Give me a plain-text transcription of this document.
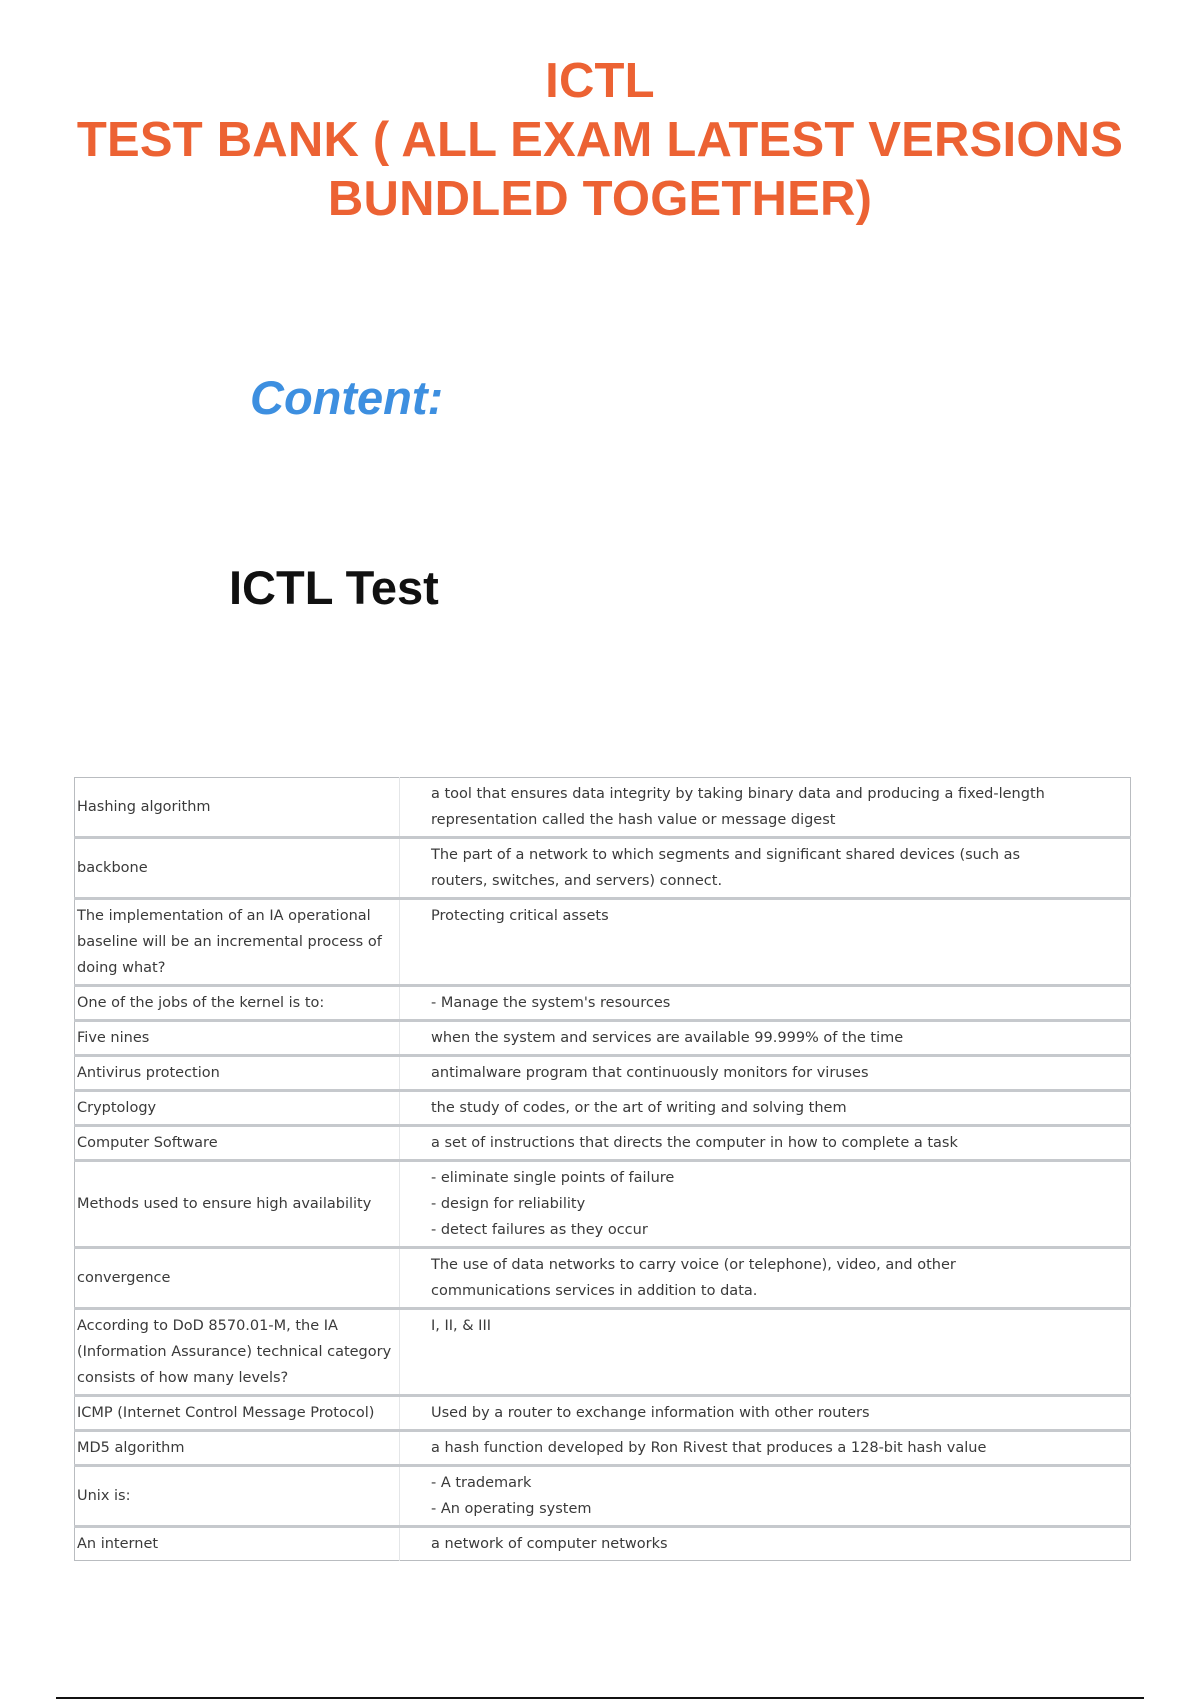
ICTL
TEST BANK ( ALL EXAM LATEST VERSIONS
BUNDLED TOGETHER)
Content:
ICTL Test
Hashing algorithm	a tool that ensures data integrity by taking binary data and producing a fixed-length representation called the hash value or message digest

backbone	The part of a network to which segments and significant shared devices (such as routers, switches, and servers) connect.

The implementation of an IA operational baseline will be an incremental process of doing what?	Protecting critical assets

One of the jobs of the kernel is to:	- Manage the system's resources

Five nines	when the system and services are available 99.999% of the time

Antivirus protection	antimalware program that continuously monitors for viruses

Cryptology	the study of codes, or the art of writing and solving them

Computer Software	a set of instructions that directs the computer in how to complete a task

Methods used to ensure high availability	- eliminate single points of failure
- design for reliability
- detect failures as they occur

convergence	The use of data networks to carry voice (or telephone), video, and other communications services in addition to data.

According to DoD 8570.01-M, the IA (Information Assurance) technical category consists of how many levels?	I, II, & III

ICMP (Internet Control Message Protocol)	Used by a router to exchange information with other routers

MD5 algorithm	a hash function developed by Ron Rivest that produces a 128-bit hash value

Unix is:	- A trademark
- An operating system

An internet	a network of computer networks
